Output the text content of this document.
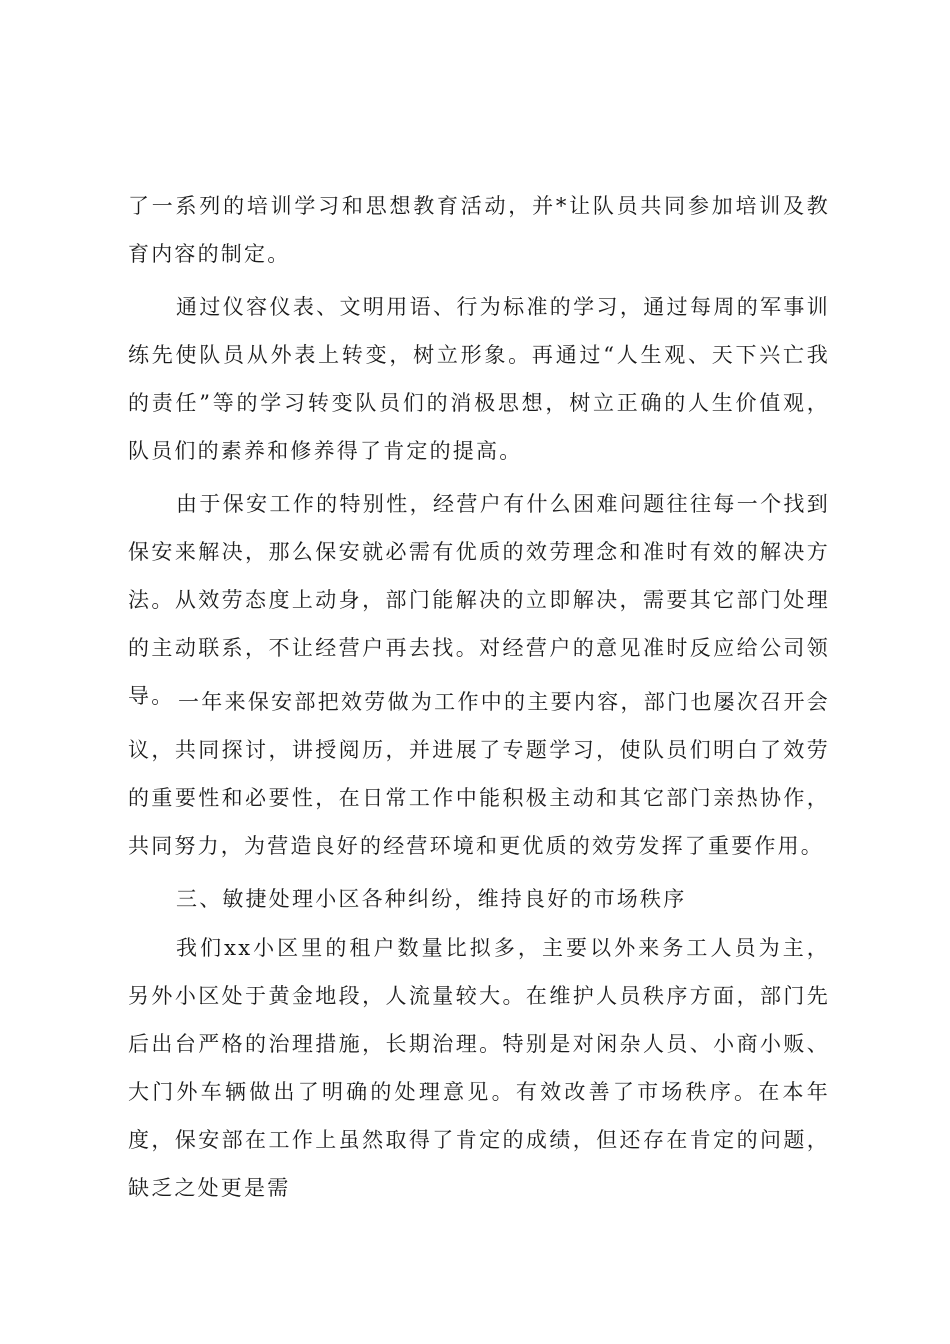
了一系列的培训学习和思想教育活动，并*让队员共同参加培训及教育内容的制定。

通过仪容仪表、文明用语、行为标准的学习，通过每周的军事训练先使队员从外表上转变，树立形象。再通过“人生观、天下兴亡我的责任”等的学习转变队员们的消极思想，树立正确的人生价值观，队员们的素养和修养得了肯定的提高。

由于保安工作的特别性，经营户有什么困难问题往往每一个找到保安来解决，那么保安就必需有优质的效劳理念和准时有效的解决方法。从效劳态度上动身，部门能解决的立即解决，需要其它部门处理的主动联系，不让经营户再去找。对经营户的意见准时反应给公司领导。 一年来保安部把效劳做为工作中的主要内容，部门也屡次召开会议，共同探讨，讲授阅历，并进展了专题学习，使队员们明白了效劳的重要性和必要性，在日常工作中能积极主动和其它部门亲热协作，共同努力，为营造良好的经营环境和更优质的效劳发挥了重要作用。

三、敏捷处理小区各种纠纷，维持良好的市场秩序

我们xx小区里的租户数量比拟多，主要以外来务工人员为主，另外小区处于黄金地段，人流量较大。在维护人员秩序方面，部门先后出台严格的治理措施，长期治理。特别是对闲杂人员、小商小贩、大门外车辆做出了明确的处理意见。有效改善了市场秩序。在本年度，保安部在工作上虽然取得了肯定的成绩，但还存在肯定的问题，缺乏之处更是需
